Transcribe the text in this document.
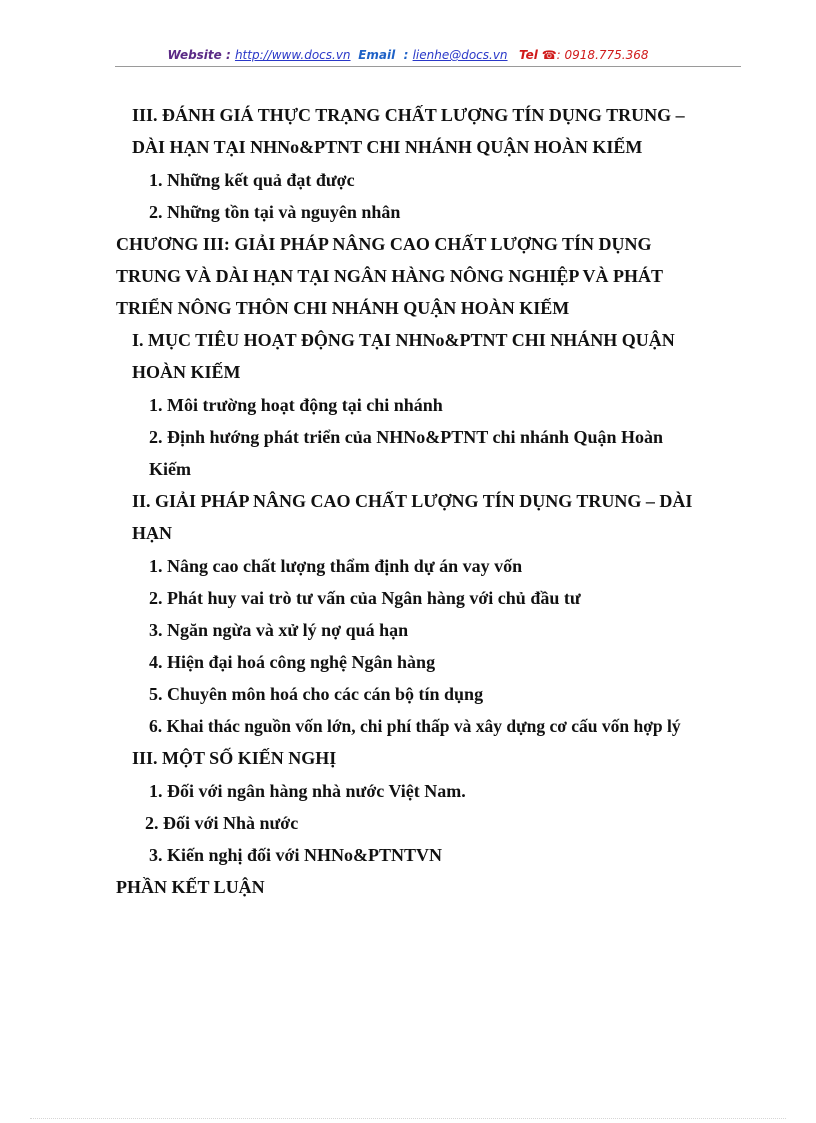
Website : http://www.docs.vn Email  : lienhe@docs.vn Tel ☎: 0918.775.368
III. ĐÁNH GIÁ THỰC TRẠNG CHẤT LƯỢNG TÍN DỤNG TRUNG –
DÀI HẠN TẠI NHNo&PTNT CHI NHÁNH QUẬN HOÀN KIẾM
1. Những kết quả đạt được
2. Những tồn tại và nguyên nhân
CHƯƠNG III: GIẢI PHÁP NÂNG CAO CHẤT LƯỢNG TÍN DỤNG
TRUNG VÀ DÀI HẠN TẠI NGÂN HÀNG NÔNG NGHIỆP VÀ PHÁT
TRIỂN NÔNG THÔN CHI NHÁNH QUẬN HOÀN KIẾM
I. MỤC TIÊU HOẠT ĐỘNG TẠI NHNo&PTNT CHI NHÁNH QUẬN
HOÀN KIẾM
1. Môi trường hoạt động tại chi nhánh
2. Định hướng phát triển của NHNo&PTNT chi nhánh Quận Hoàn
Kiếm
II. GIẢI PHÁP NÂNG CAO CHẤT LƯỢNG TÍN DỤNG TRUNG – DÀI
HẠN
1. Nâng cao chất lượng thẩm định dự án vay vốn
2. Phát huy vai trò tư vấn của Ngân hàng với chủ đầu tư
3. Ngăn ngừa và xử lý nợ quá hạn
4. Hiện đại hoá công nghệ Ngân hàng
5. Chuyên môn hoá cho các cán bộ tín dụng
6. Khai thác nguồn vốn lớn, chi phí thấp và xây dựng cơ cấu vốn hợp lý
III. MỘT SỐ KIẾN NGHỊ
1. Đối với ngân hàng nhà nước Việt Nam.
2. Đối với Nhà nước
3. Kiến nghị đối với NHNo&PTNTVN
PHẦN KẾT LUẬN
